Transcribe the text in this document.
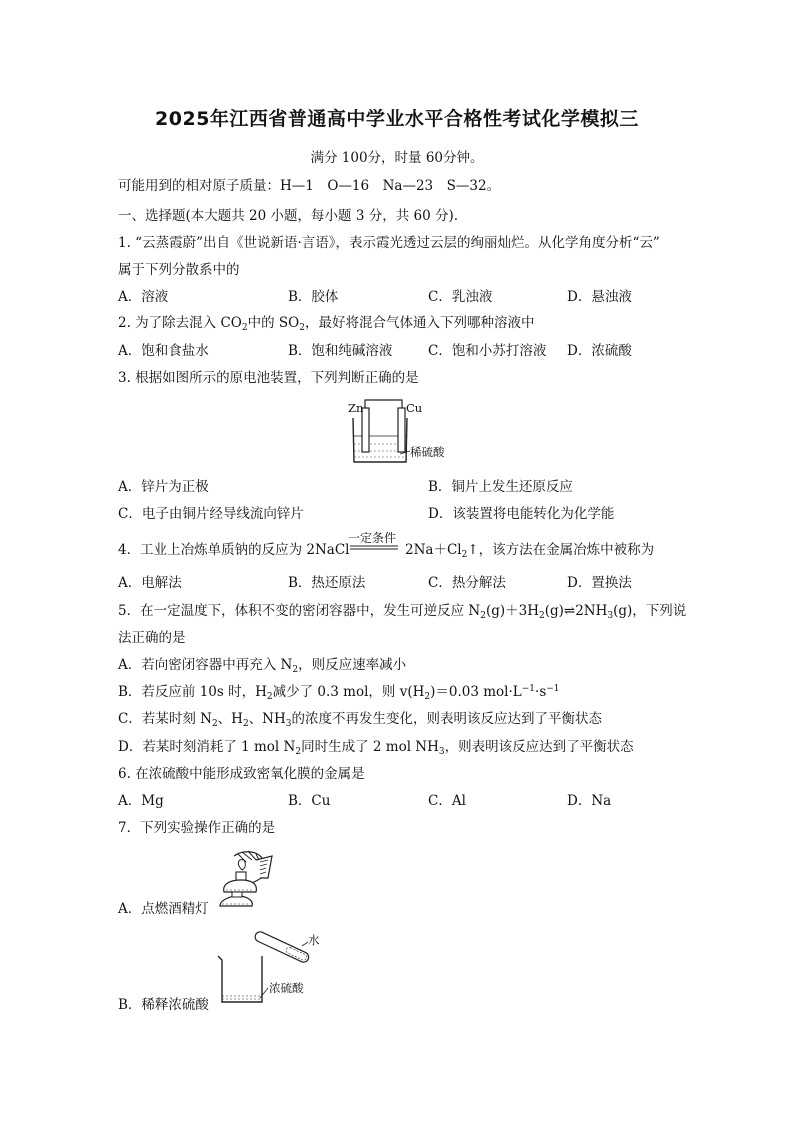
2025年江西省普通高中学业水平合格性考试化学模拟三
满分 100分，时量 60分钟。
可能用到的相对原子质量：H—1　O—16　Na—23　S—32。
一、选择题(本大题共 20 小题，每小题 3 分，共 60 分).
1. “云蒸霞蔚”出自《世说新语·言语》，表示霞光透过云层的绚丽灿烂。从化学角度分析“云”
属于下列分散系中的
A．溶液	B．胶体	C．乳浊液	D．悬浊液
2. 为了除去混入 $CO_2$中的 $SO_2$，最好将混合气体通入下列哪种溶液中
A．饱和食盐水	B．饱和纯碱溶液	C．饱和小苏打溶液 D．浓硫酸
3. 根据如图所示的原电池装置，下列判断正确的是
Zn	Cu
稀硫酸
A．锌片为正极	B．铜片上发生还原反应
C．电子由铜片经导线流向锌片	D．该装置将电能转化为化学能
4．工业上冶炼单质钠的反应为 2NaCl
一定条件
$2Na+Cl_2↑$，该方法在金属冶炼中被称为
A．电解法	B．热还原法	C．热分解法	D．置换法
5．在一定温度下，体积不变的密闭容器中，发生可逆反应 $N_2(g)+3H_2(g)\rightleftharpoons 2NH_3(g)$，下列说
法正确的是
A．若向密闭容器中再充入 $N_2$，则反应速率减小
B．若反应前 10s 时，$H_2$减少了 0.3 mol，则 $v(H_2)=0.03$ $mol\cdot L^{-1}\cdot s^{-1}$
C．若某时刻 $N_2$、$H_2$、$NH_3$的浓度不再发生变化，则表明该反应达到了平衡状态
D．若某时刻消耗了 1 mol $N_2$同时生成了 2 mol $NH_3$，则表明该反应达到了平衡状态
6. 在浓硫酸中能形成致密氧化膜的金属是
A．Mg	B．Cu	C．Al	D．Na
7．下列实验操作正确的是
A．点燃酒精灯
水
浓硫酸
B．稀释浓硫酸
